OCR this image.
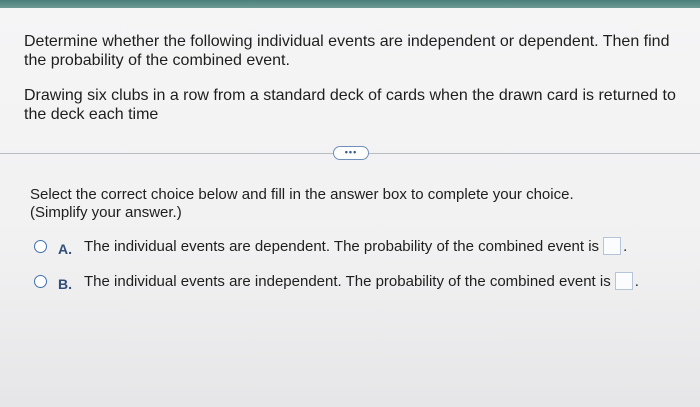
Determine whether the following individual events are independent or dependent. Then find the probability of the combined event.
Drawing six clubs in a row from a standard deck of cards when the drawn card is returned to the deck each time
•••
Select the correct choice below and fill in the answer box to complete your choice.
(Simplify your answer.)
A. The individual events are dependent. The probability of the combined event is .
B. The individual events are independent. The probability of the combined event is .
